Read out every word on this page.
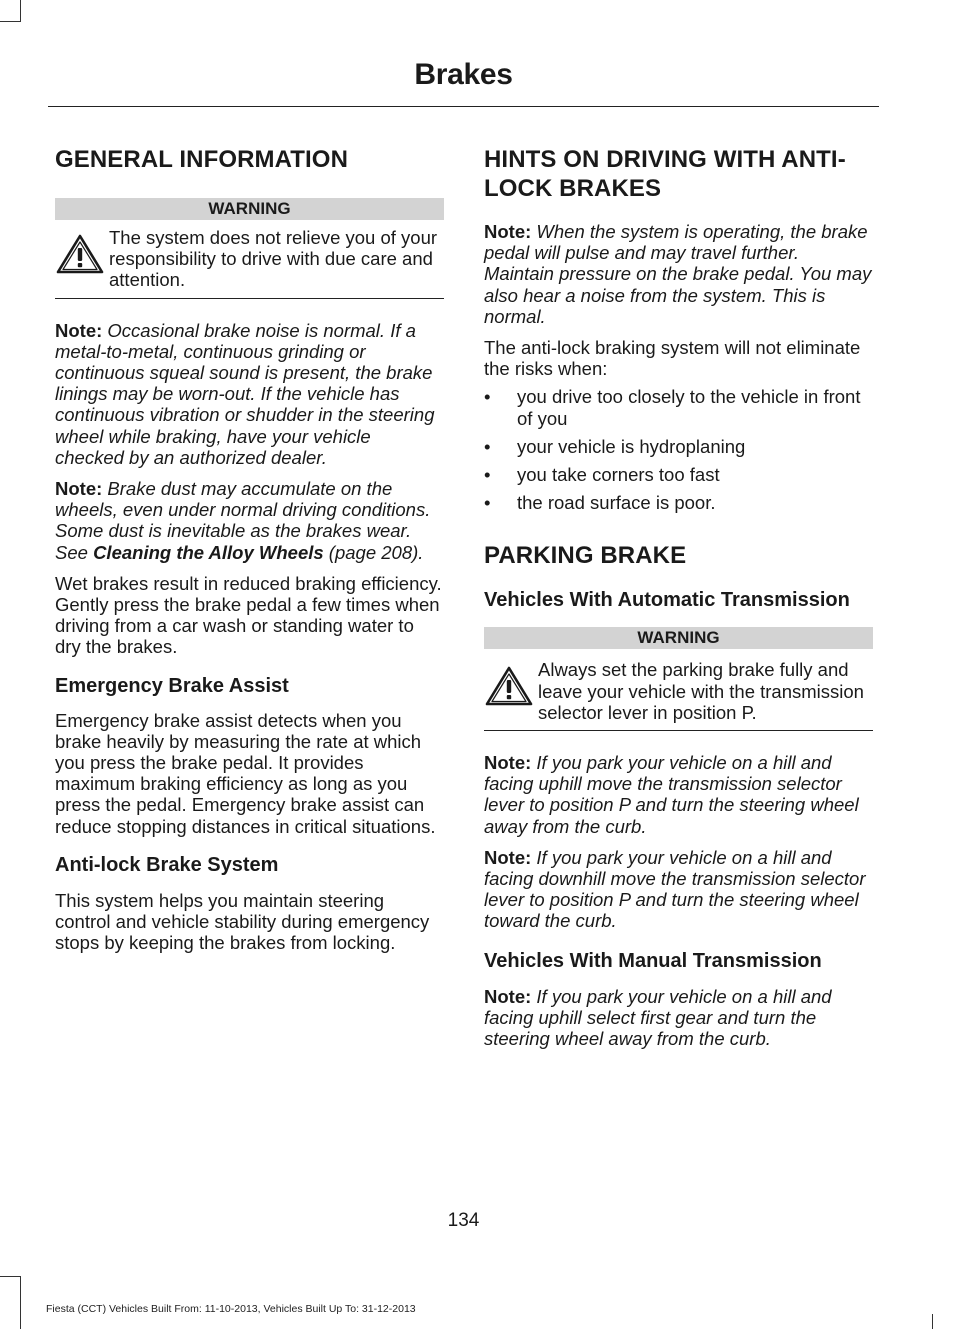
Brakes
GENERAL INFORMATION
WARNING
The system does not relieve you of your responsibility to drive with due care and attention.

Note: Occasional brake noise is normal. If a metal-to-metal, continuous grinding or continuous squeal sound is present, the brake linings may be worn-out. If the vehicle has continuous vibration or shudder in the steering wheel while braking, have your vehicle checked by an authorized dealer.

Note: Brake dust may accumulate on the wheels, even under normal driving conditions. Some dust is inevitable as the brakes wear. See Cleaning the Alloy Wheels (page 208).

Wet brakes result in reduced braking efficiency. Gently press the brake pedal a few times when driving from a car wash or standing water to dry the brakes.

Emergency Brake Assist

Emergency brake assist detects when you brake heavily by measuring the rate at which you press the brake pedal. It provides maximum braking efficiency as long as you press the pedal. Emergency brake assist can reduce stopping distances in critical situations.

Anti-lock Brake System

This system helps you maintain steering control and vehicle stability during emergency stops by keeping the brakes from locking.

HINTS ON DRIVING WITH ANTI-LOCK BRAKES

Note: When the system is operating, the brake pedal will pulse and may travel further. Maintain pressure on the brake pedal. You may also hear a noise from the system. This is normal.

The anti-lock braking system will not eliminate the risks when:

• you drive too closely to the vehicle in front of you
• your vehicle is hydroplaning
• you take corners too fast
• the road surface is poor.
PARKING BRAKE
Vehicles With Automatic Transmission
WARNING
Always set the parking brake fully and leave your vehicle with the transmission selector lever in position P.

Note: If you park your vehicle on a hill and facing uphill move the transmission selector lever to position P and turn the steering wheel away from the curb.

Note: If you park your vehicle on a hill and facing downhill move the transmission selector lever to position P and turn the steering wheel toward the curb.

Vehicles With Manual Transmission

Note: If you park your vehicle on a hill and facing uphill select first gear and turn the steering wheel away from the curb.

134
Fiesta (CCT) Vehicles Built From: 11-10-2013, Vehicles Built Up To: 31-12-2013
